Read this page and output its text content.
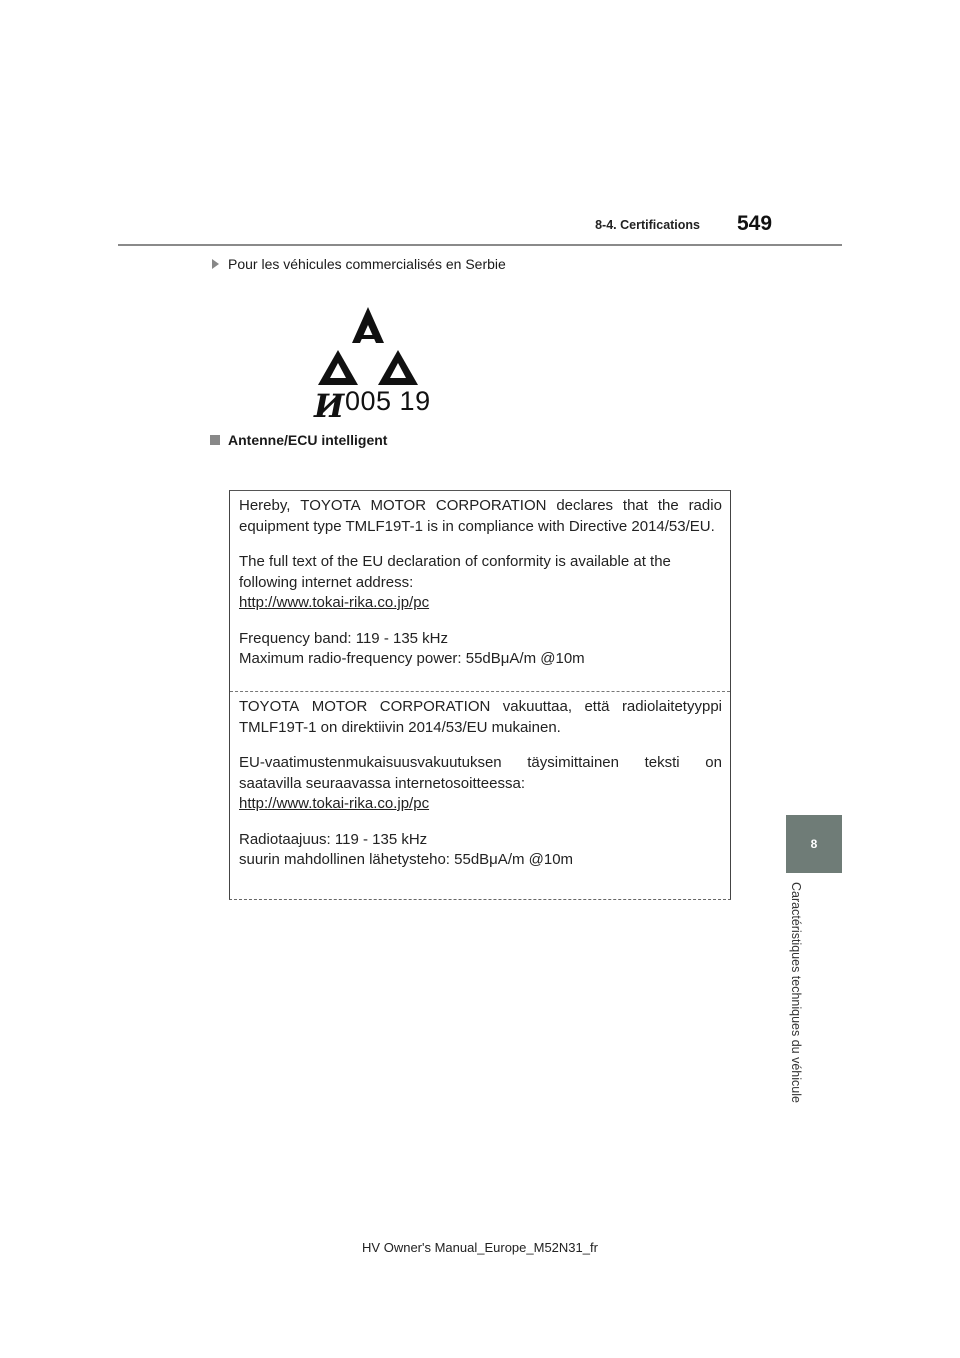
8-4. Certifications 549
Pour les véhicules commercialisés en Serbie
И 005 19
Antenne/ECU intelligent

Hereby, TOYOTA MOTOR CORPORATION declares that the radio

equipment type TMLF19T-1 is in compliance with Directive 2014/53/EU.

The full text of the EU declaration of conformity is available at the

following internet address:

http://www.tokai-rika.co.jp/pc

Frequency band: 119 - 135 kHz

Maximum radio-frequency power: 55dBμA/m @10m

TOYOTA MOTOR CORPORATION vakuuttaa, että radiolaitetyyppi

TMLF19T-1 on direktiivin 2014/53/EU mukainen.

EU-vaatimustenmukaisuusvakuutuksen täysimittainen teksti on

saatavilla seuraavassa internetosoitteessa:

http://www.tokai-rika.co.jp/pc

Radiotaajuus: 119 - 135 kHz

suurin mahdollinen lähetysteho: 55dBμA/m @10m

8
Caractéristiques techniques du véhicule
HV Owner's Manual_Europe_M52N31_fr
